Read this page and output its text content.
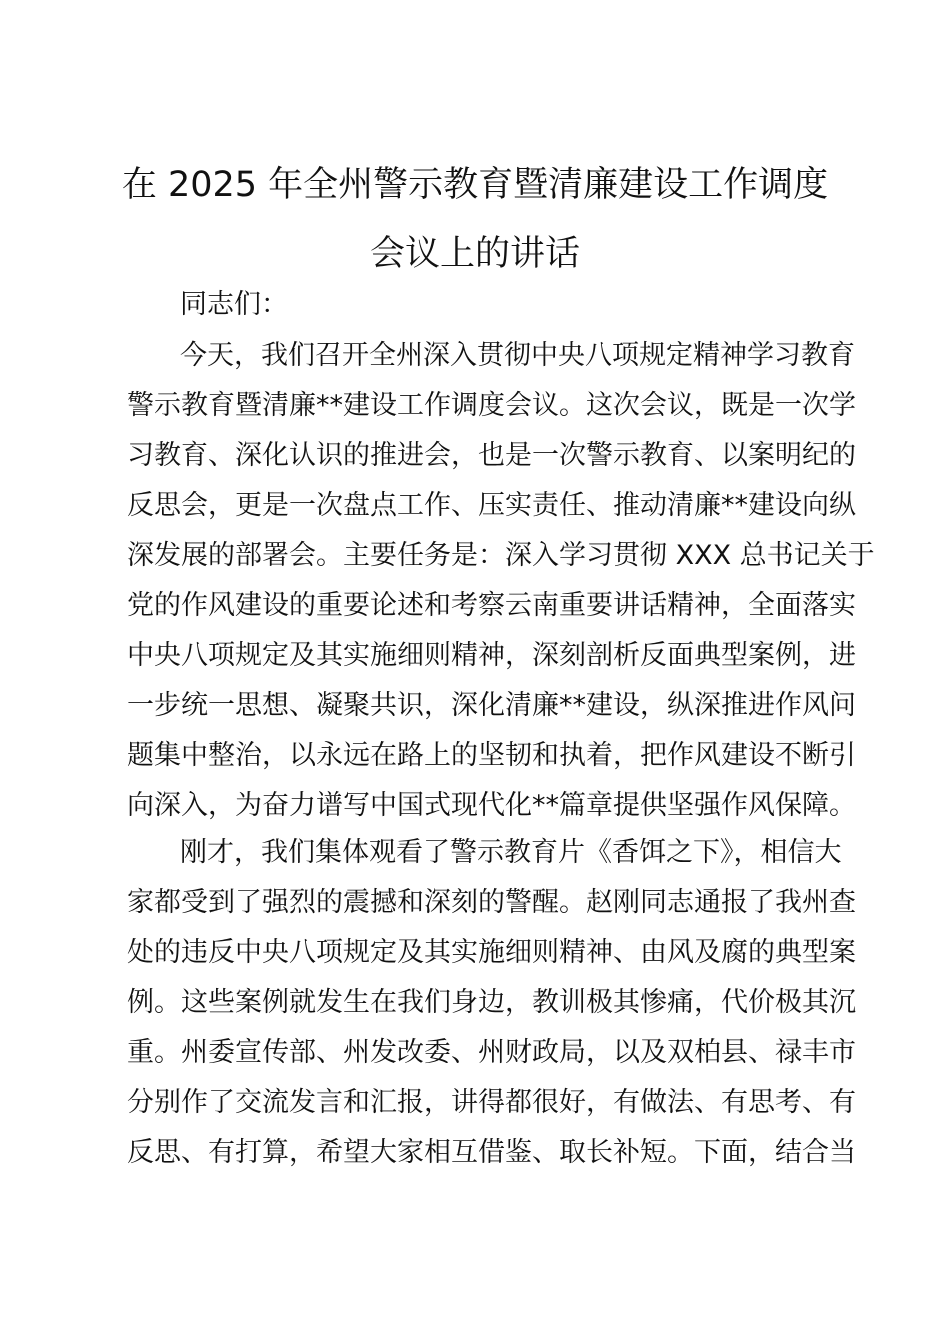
在 2025 年全州警示教育暨清廉建设工作调度
会议上的讲话
同志们：
今天，我们召开全州深入贯彻中央八项规定精神学习教育
警示教育暨清廉**建设工作调度会议。这次会议，既是一次学
习教育、深化认识的推进会，也是一次警示教育、以案明纪的
反思会，更是一次盘点工作、压实责任、推动清廉**建设向纵
深发展的部署会。主要任务是：深入学习贯彻 XXX 总书记关于
党的作风建设的重要论述和考察云南重要讲话精神，全面落实
中央八项规定及其实施细则精神，深刻剖析反面典型案例，进
一步统一思想、凝聚共识，深化清廉**建设，纵深推进作风问
题集中整治，以永远在路上的坚韧和执着，把作风建设不断引
向深入，为奋力谱写中国式现代化**篇章提供坚强作风保障。
刚才，我们集体观看了警示教育片《香饵之下》，相信大
家都受到了强烈的震撼和深刻的警醒。赵刚同志通报了我州查
处的违反中央八项规定及其实施细则精神、由风及腐的典型案
例。这些案例就发生在我们身边，教训极其惨痛，代价极其沉
重。州委宣传部、州发改委、州财政局，以及双柏县、禄丰市
分别作了交流发言和汇报，讲得都很好，有做法、有思考、有
反思、有打算，希望大家相互借鉴、取长补短。下面，结合当
